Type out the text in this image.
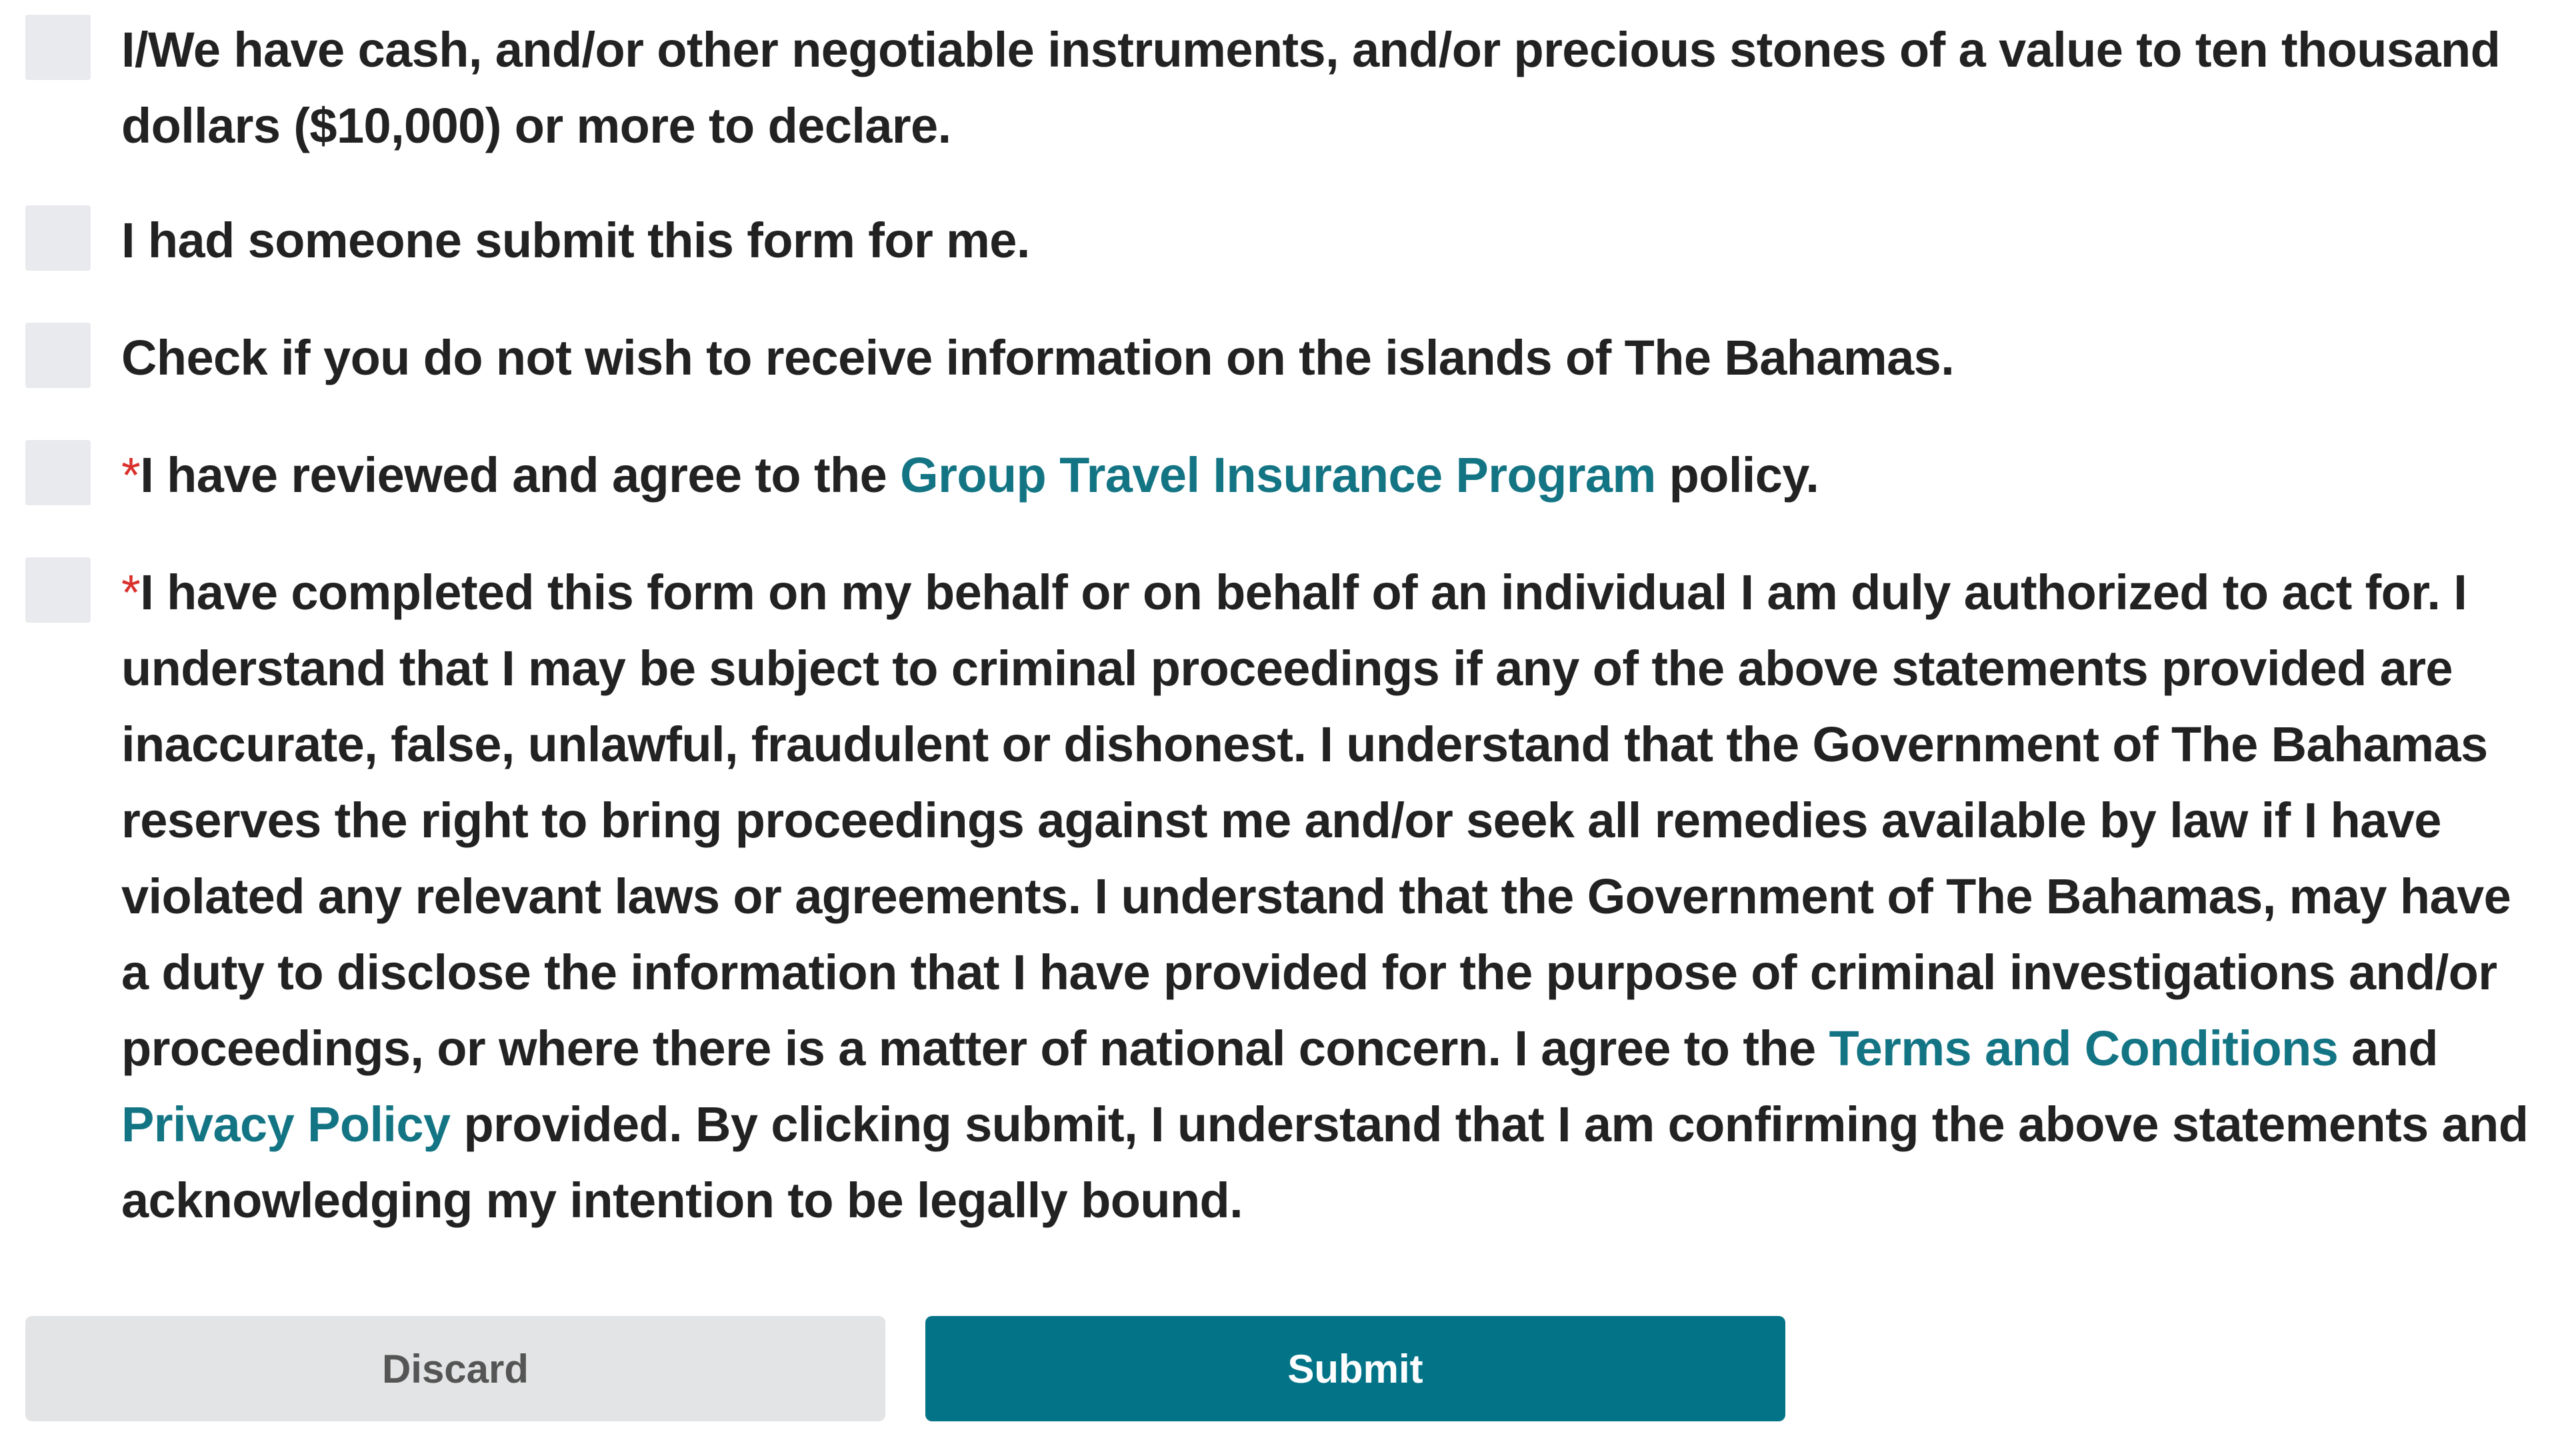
I/We have cash, and/or other negotiable instruments, and/or precious stones of a value to ten thousand dollars ($10,000) or more to declare.
I had someone submit this form for me.
Check if you do not wish to receive information on the islands of The Bahamas.
*I have reviewed and agree to the Group Travel Insurance Program policy.
*I have completed this form on my behalf or on behalf of an individual I am duly authorized to act for. I understand that I may be subject to criminal proceedings if any of the above statements provided are inaccurate, false, unlawful, fraudulent or dishonest. I understand that the Government of The Bahamas reserves the right to bring proceedings against me and/or seek all remedies available by law if I have violated any relevant laws or agreements. I understand that the Government of The Bahamas, may have a duty to disclose the information that I have provided for the purpose of criminal investigations and/or proceedings, or where there is a matter of national concern. I agree to the Terms and Conditions and Privacy Policy provided. By clicking submit, I understand that I am confirming the above statements and acknowledging my intention to be legally bound.
Discard	Submit
